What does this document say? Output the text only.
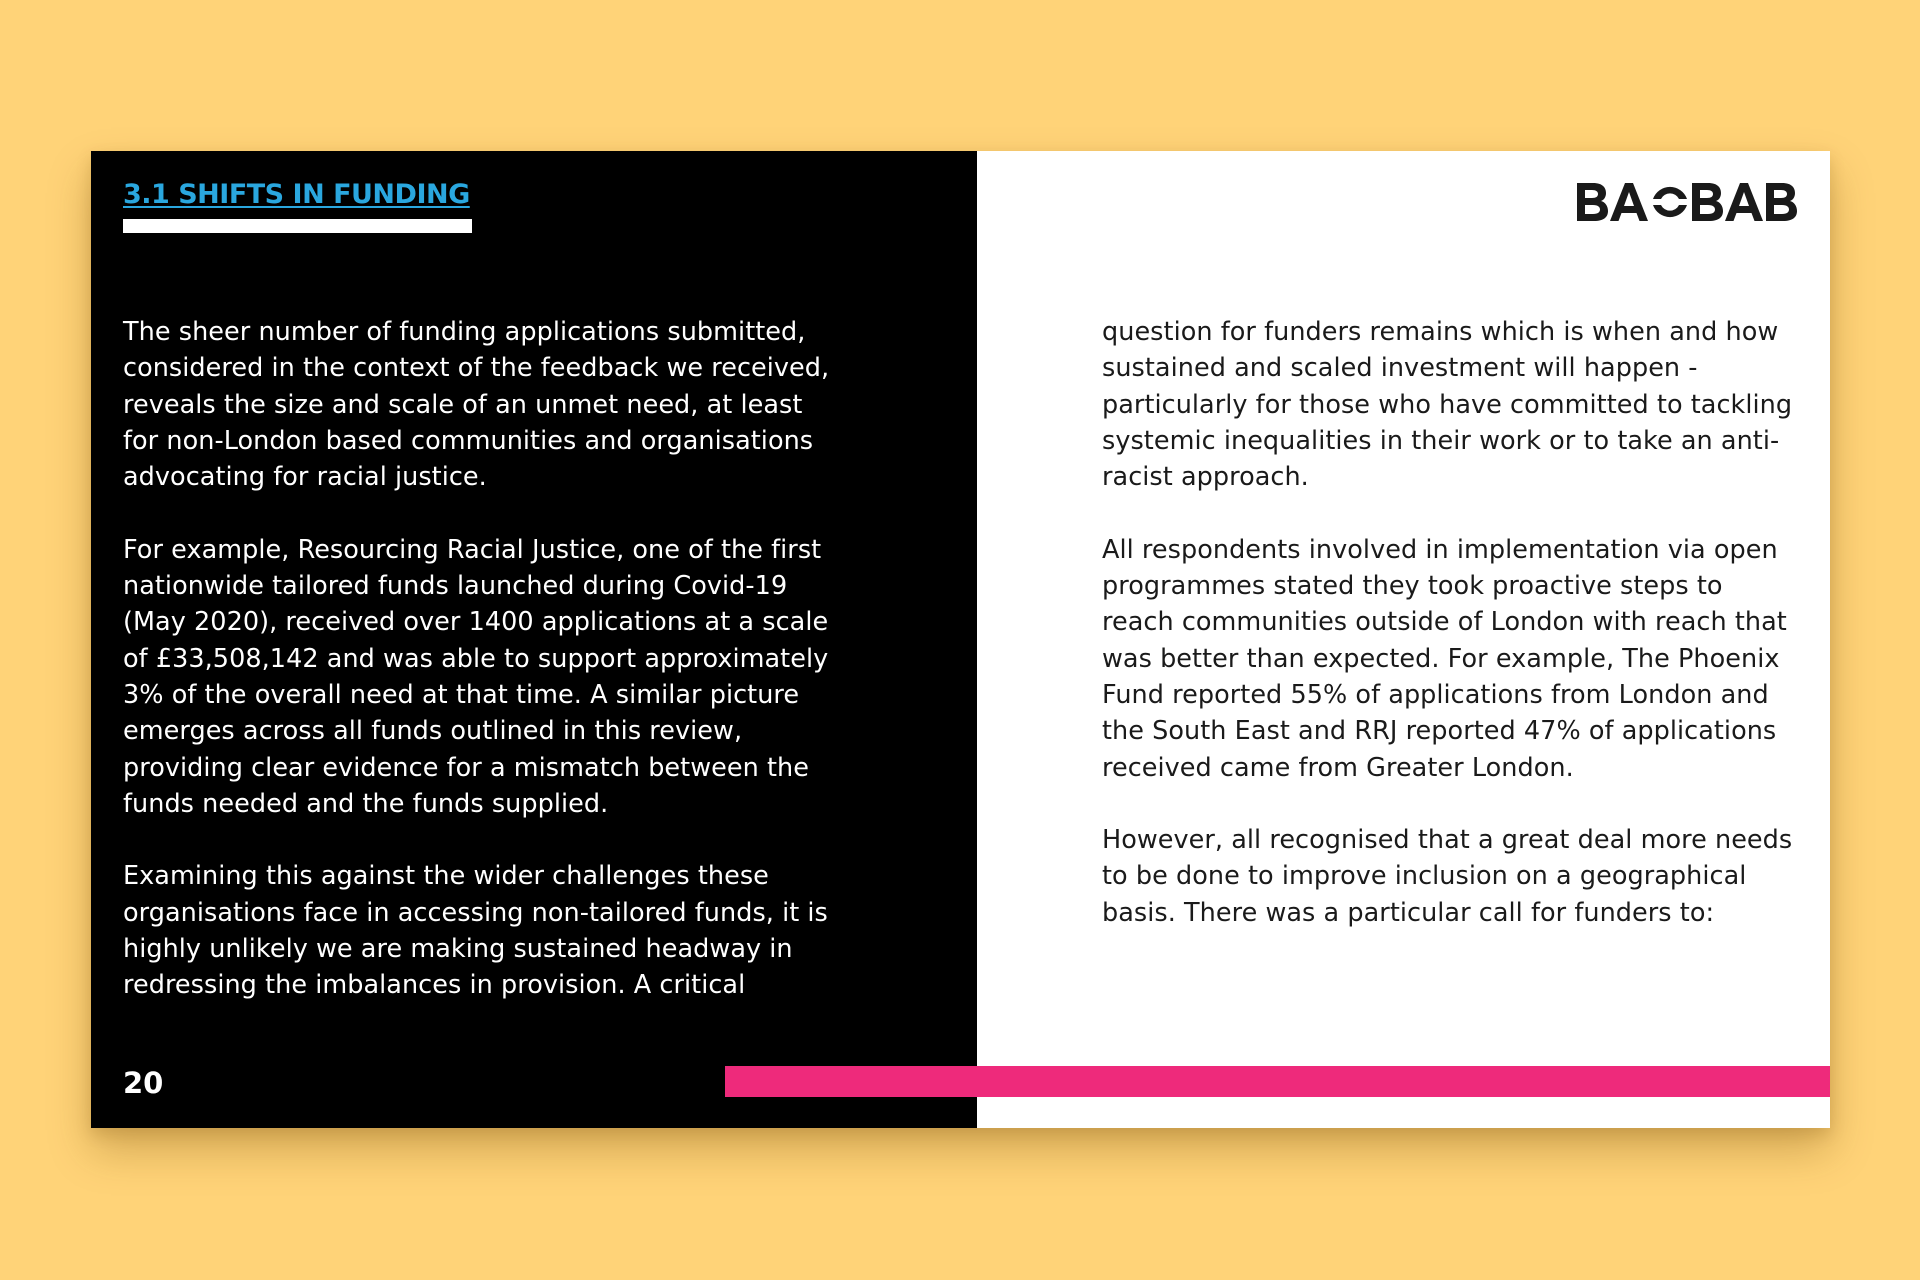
3.1 SHIFTS IN FUNDING

The sheer number of funding applications submitted, considered in the context of the feedback we received, reveals the size and scale of an unmet need, at least for non-London based communities and organisations advocating for racial justice.

For example, Resourcing Racial Justice, one of the first nationwide tailored funds launched during Covid-19 (May 2020), received over 1400 applications at a scale of £33,508,142 and was able to support approximately 3% of the overall need at that time. A similar picture emerges across all funds outlined in this review, providing clear evidence for a mismatch between the funds needed and the funds supplied.

Examining this against the wider challenges these organisations face in accessing non-tailored funds, it is highly unlikely we are making sustained headway in redressing the imbalances in provision. A critical

20

question for funders remains which is when and how sustained and scaled investment will happen - particularly for those who have committed to tackling systemic inequalities in their work or to take an anti-racist approach.

All respondents involved in implementation via open programmes stated they took proactive steps to reach communities outside of London with reach that was better than expected. For example, The Phoenix Fund reported 55% of applications from London and the South East and RRJ reported 47% of applications received came from Greater London.

However, all recognised that a great deal more needs to be done to improve inclusion on a geographical basis. There was a particular call for funders to:
